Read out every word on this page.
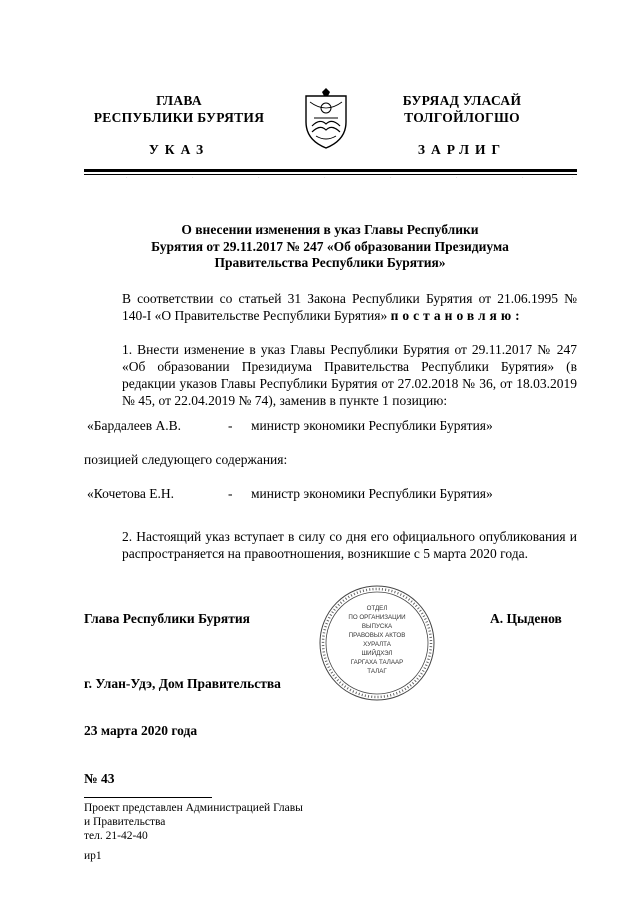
ГЛАВА
РЕСПУБЛИКИ БУРЯТИЯ
УКАЗ
БУРЯАД УЛАСАЙ
ТОЛГОЙЛОГШО
ЗАРЛИГ
.	.	.	.	.	.	.	.
О внесении изменения в указ Главы Республики
Бурятия от 29.11.2017 № 247 «Об образовании Президиума
Правительства Республики Бурятия»
В соответствии со статьей 31 Закона Республики Бурятия от 21.06.1995 № 140-I «О Правительстве Республики Бурятия» постановляю:
1. Внести изменение в указ Главы Республики Бурятия от 29.11.2017 № 247 «Об образовании Президиума Правительства Республики Бурятия» (в редакции указов Главы Республики Бурятия от 27.02.2018 № 36, от 18.03.2019 № 45, от 22.04.2019 № 74), заменив в пункте 1 позицию:
«Бардалеев А.В.	- министр экономики Республики Бурятия»
позицией следующего содержания:
«Кочетова Е.Н.	- министр экономики Республики Бурятия»
2. Настоящий указ вступает в силу со дня его официального опубликования и распространяется на правоотношения, возникшие с 5 марта 2020 года.
Глава Республики Бурятия	А. Цыденов
ОТДЕЛ
ПО ОРГАНИЗАЦИИ
ВЫПУСКА
ПРАВОВЫХ АКТОВ
ХУРАЛТА
ШИЙДХЭЛ
ГАРГАХА ТАЛААР
ТАЛАГ
г. Улан-Удэ, Дом Правительства
23 марта 2020 года
№ 43
Проект представлен Администрацией Главы
и Правительства
тел. 21-42-40
ир1
